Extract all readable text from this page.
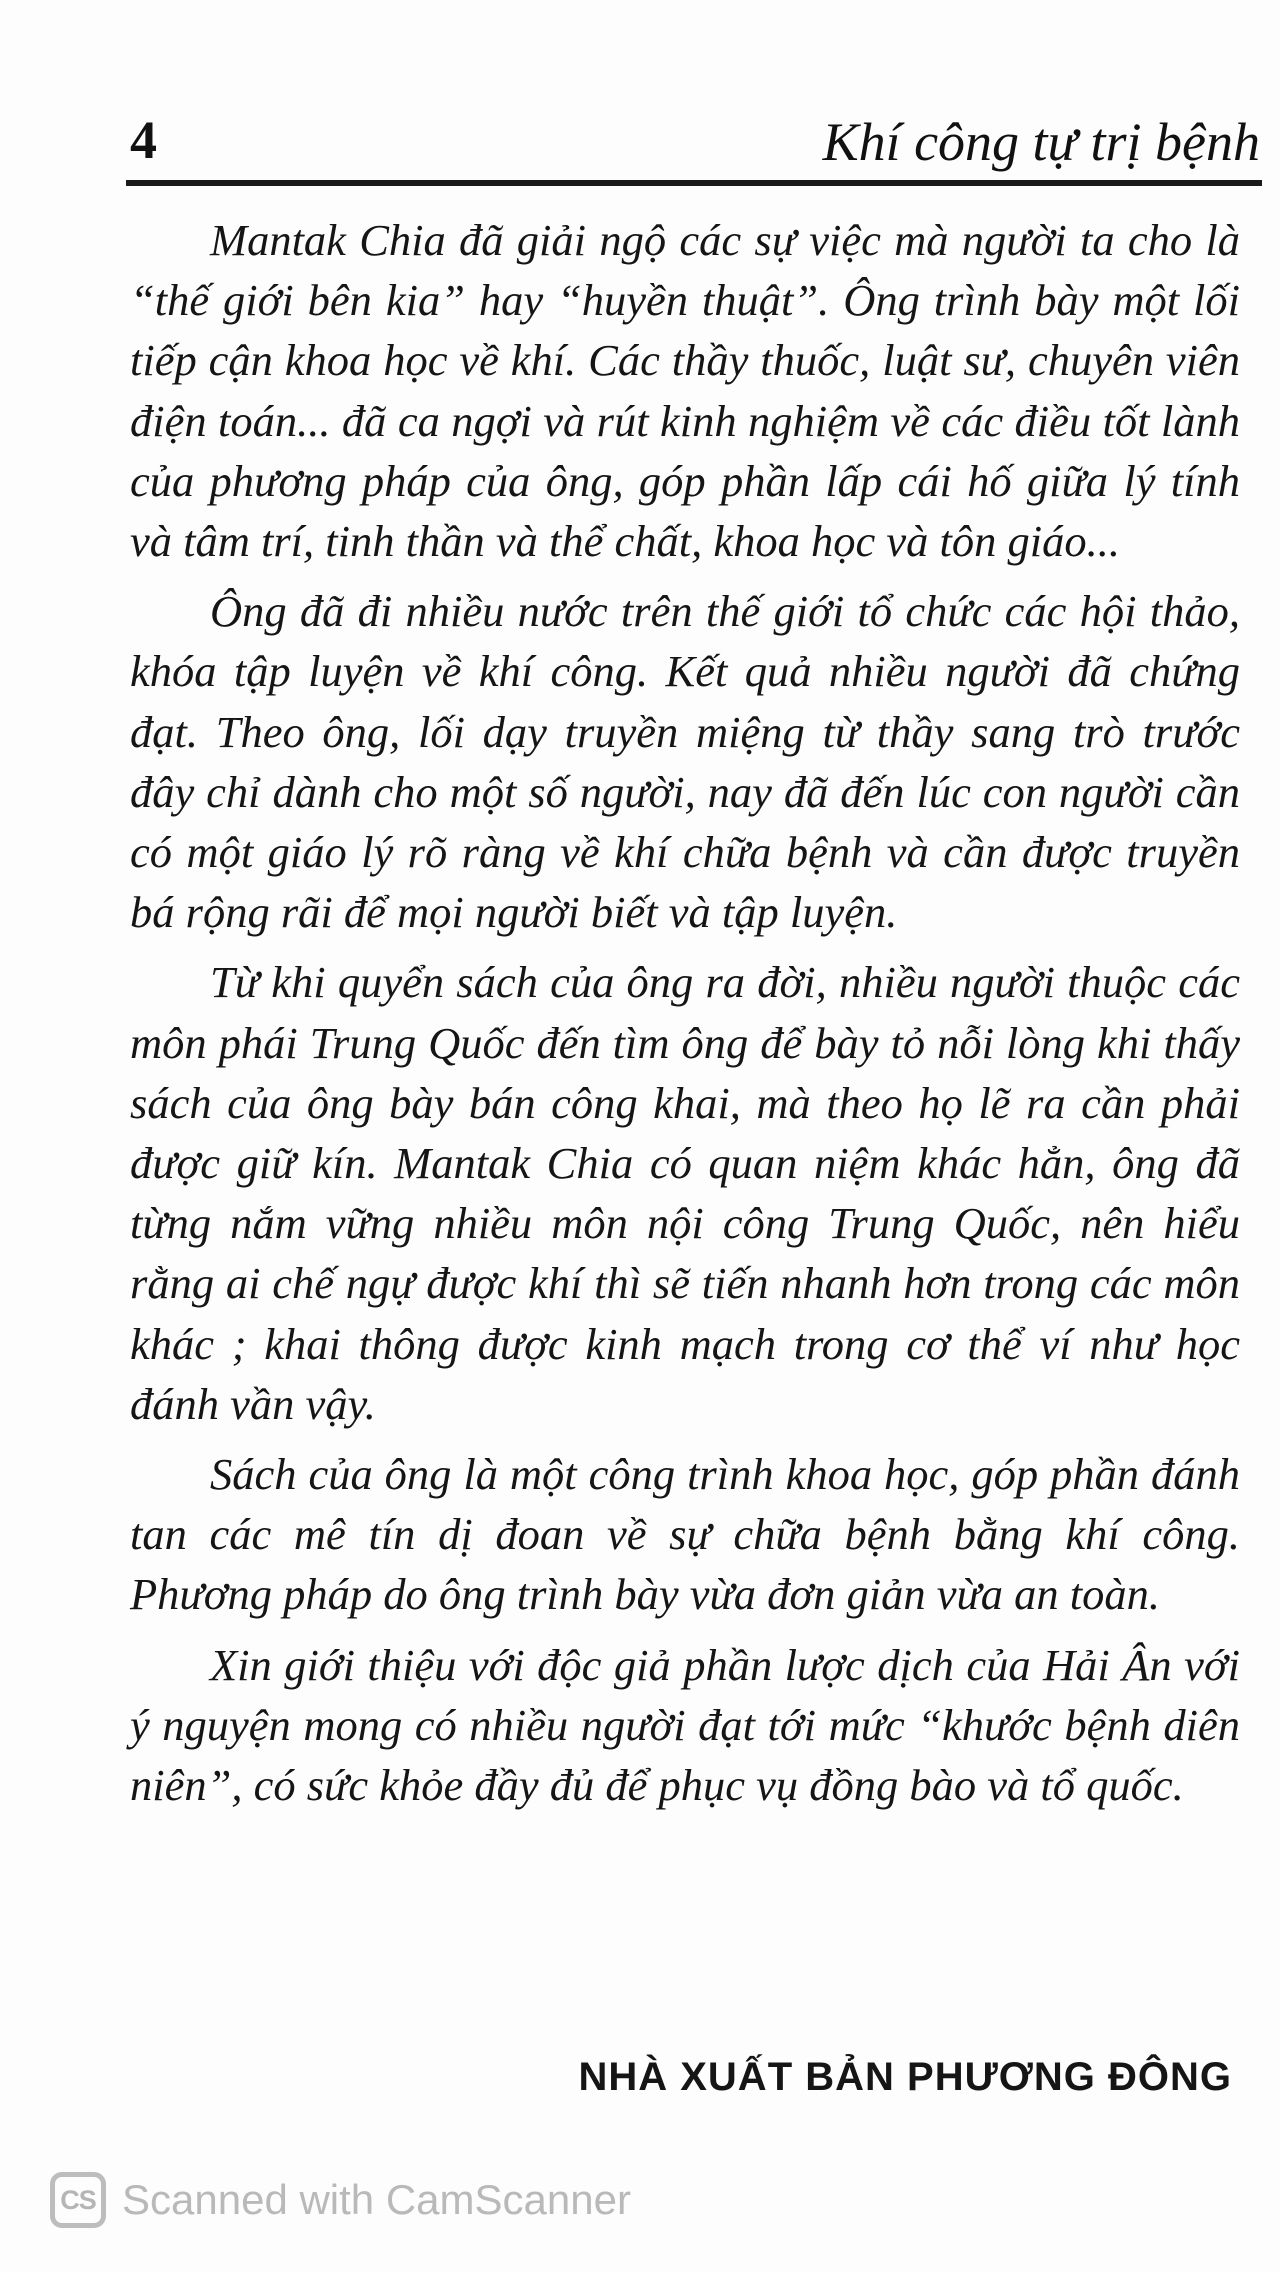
4	Khí công tự trị bệnh

Mantak Chia đã giải ngộ các sự việc mà người ta cho là “thế giới bên kia” hay “huyền thuật”. Ông trình bày một lối tiếp cận khoa học về khí. Các thầy thuốc, luật sư, chuyên viên điện toán... đã ca ngợi và rút kinh nghiệm về các điều tốt lành của phương pháp của ông, góp phần lấp cái hố giữa lý tính và tâm trí, tinh thần và thể chất, khoa học và tôn giáo...

Ông đã đi nhiều nước trên thế giới tổ chức các hội thảo, khóa tập luyện về khí công. Kết quả nhiều người đã chứng đạt. Theo ông, lối dạy truyền miệng từ thầy sang trò trước đây chỉ dành cho một số người, nay đã đến lúc con người cần có một giáo lý rõ ràng về khí chữa bệnh và cần được truyền bá rộng rãi để mọi người biết và tập luyện.

Từ khi quyển sách của ông ra đời, nhiều người thuộc các môn phái Trung Quốc đến tìm ông để bày tỏ nỗi lòng khi thấy sách của ông bày bán công khai, mà theo họ lẽ ra cần phải được giữ kín. Mantak Chia có quan niệm khác hẳn, ông đã từng nắm vững nhiều môn nội công Trung Quốc, nên hiểu rằng ai chế ngự được khí thì sẽ tiến nhanh hơn trong các môn khác ; khai thông được kinh mạch trong cơ thể ví như học đánh vần vậy.

Sách của ông là một công trình khoa học, góp phần đánh tan các mê tín dị đoan về sự chữa bệnh bằng khí công. Phương pháp do ông trình bày vừa đơn giản vừa an toàn.

Xin giới thiệu với độc giả phần lược dịch của Hải Ân với ý nguyện mong có nhiều người đạt tới mức “khước bệnh diên niên”, có sức khỏe đầy đủ để phục vụ đồng bào và tổ quốc.

NHÀ XUẤT BẢN PHƯƠNG ĐÔNG
CS Scanned with CamScanner
